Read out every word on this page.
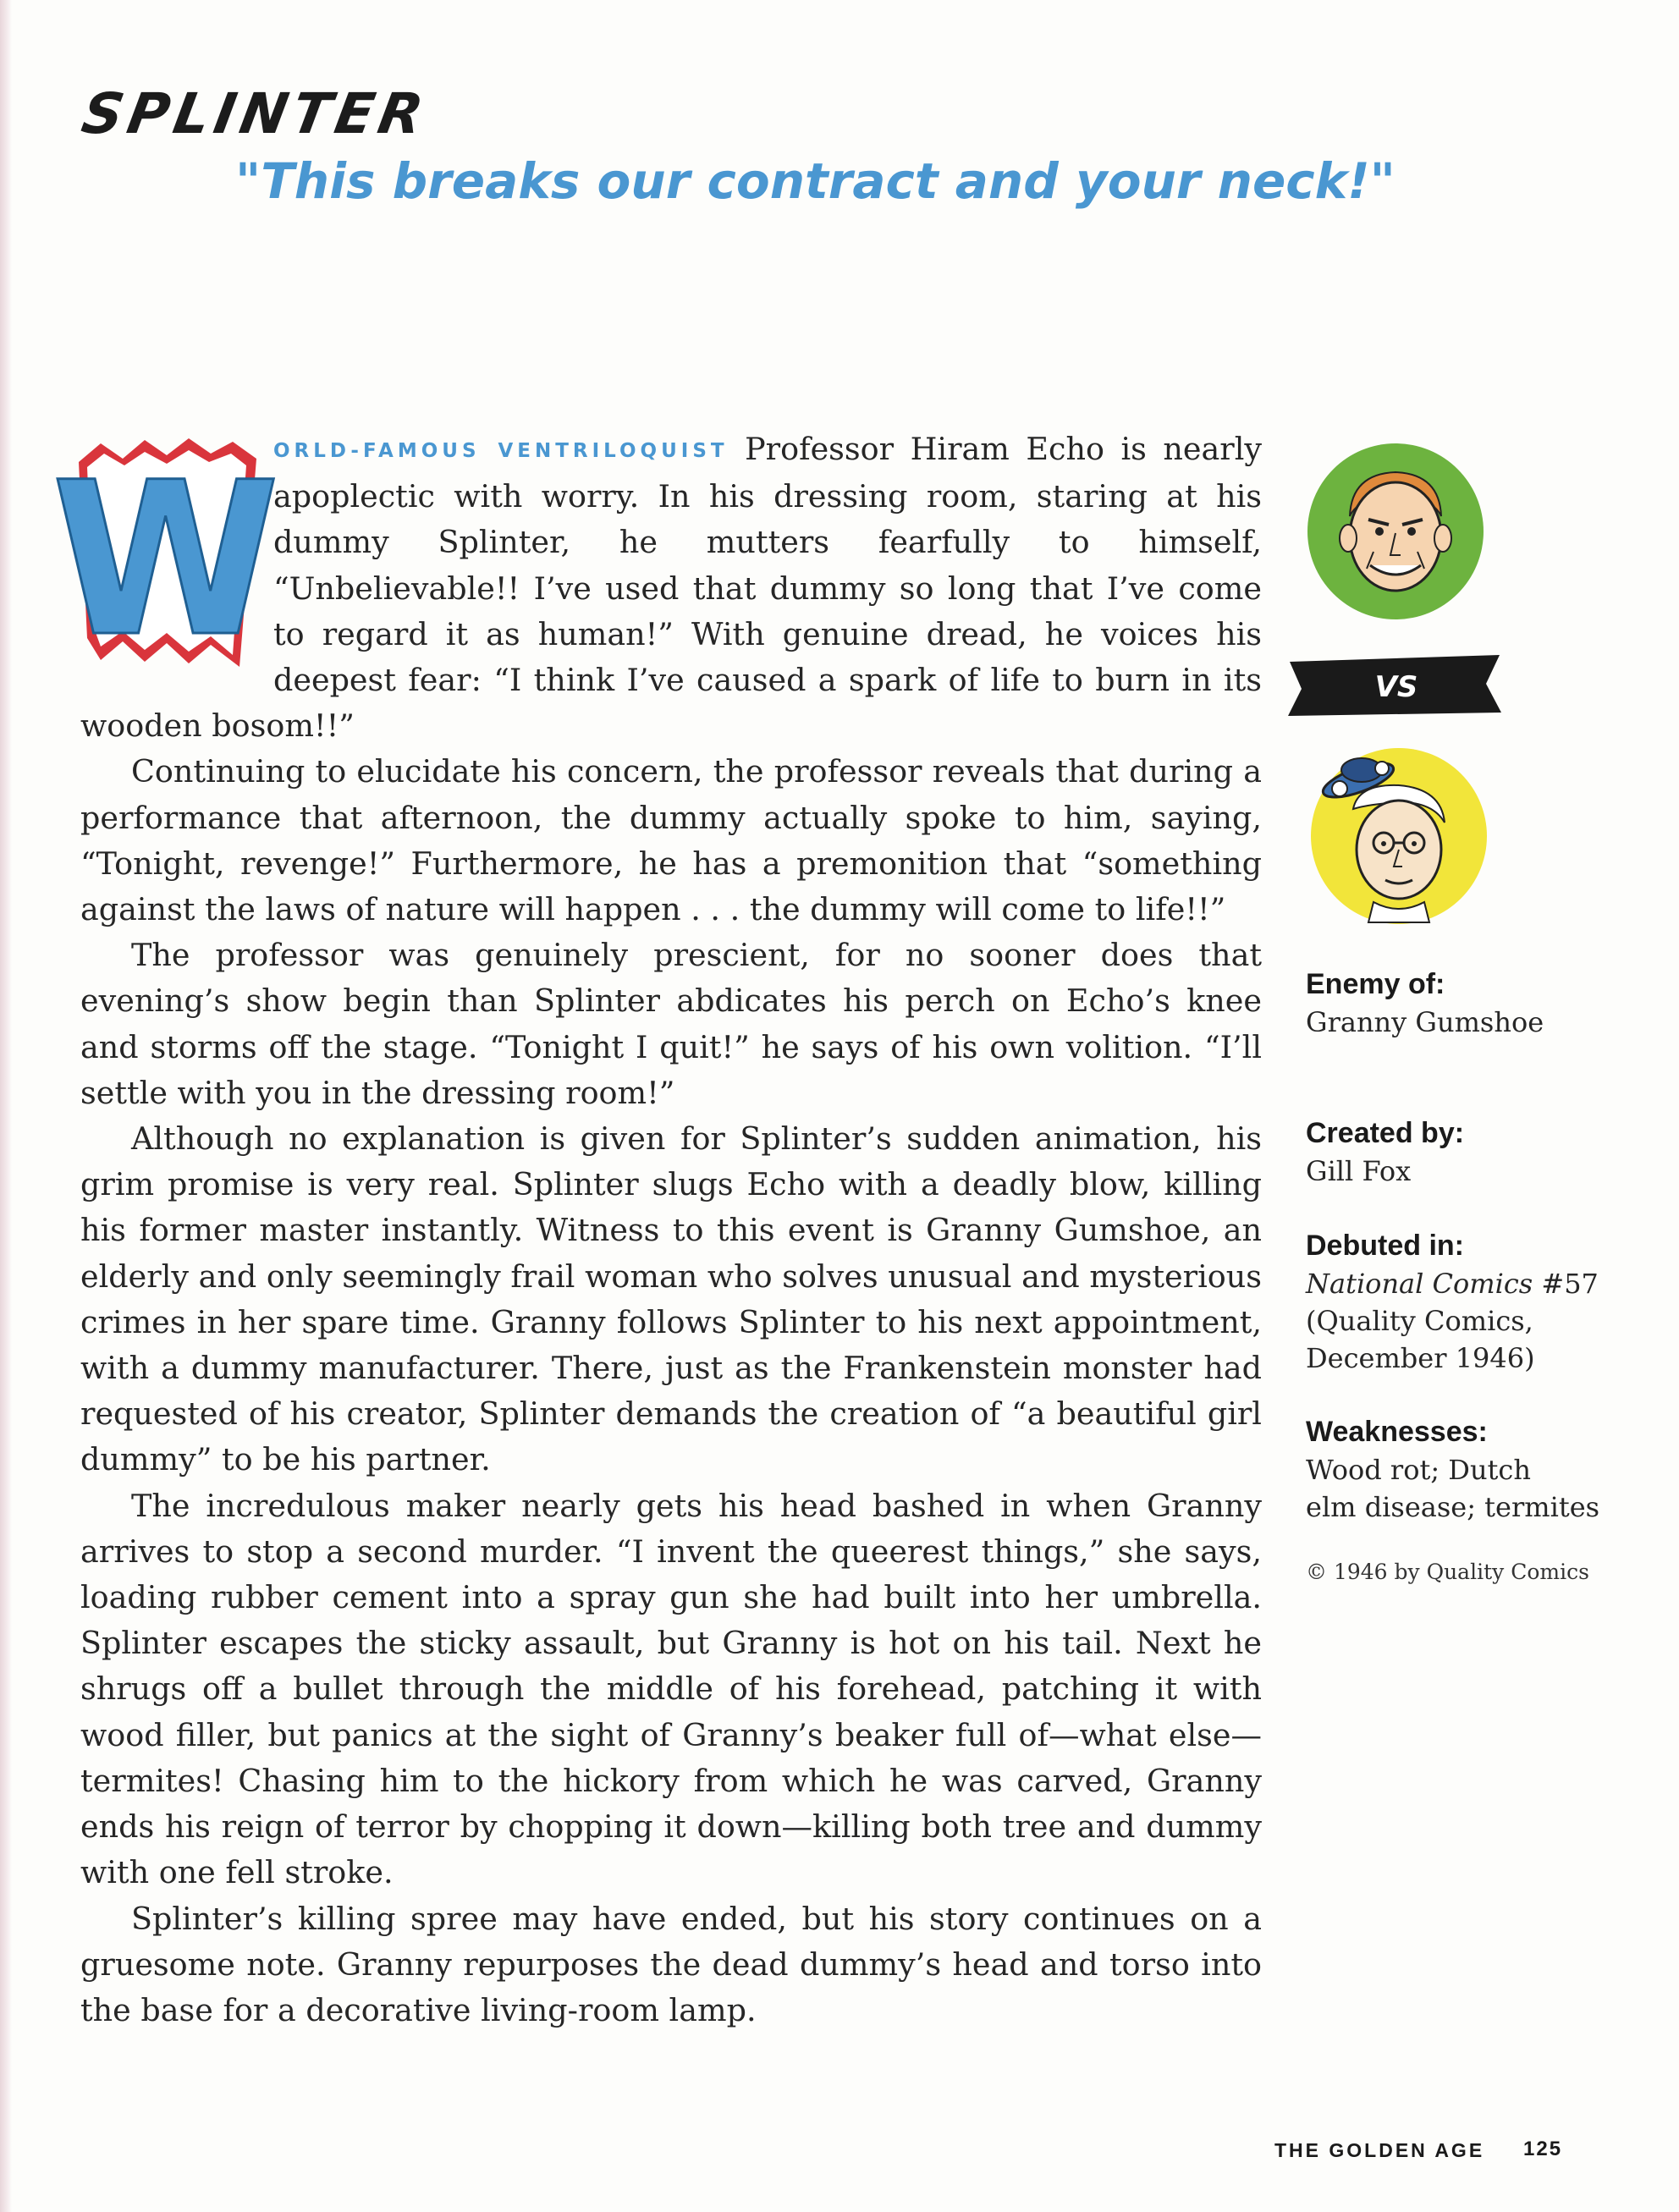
SPLINTER
"This breaks our contract and your neck!"
W

ORLD-FAMOUS VENTRILOQUIST Professor Hiram Echo is nearly apoplectic with worry. In his dressing room, staring at his dummy Splinter, he mutters fearfully to himself, “Unbelievable!! I’ve used that dummy so long that I’ve come to regard it as human!” With genuine dread, he voices his deepest fear: “I think I’ve caused a spark of life to burn in its wooden bosom!!”

Continuing to elucidate his concern, the professor reveals that during a performance that afternoon, the dummy actually spoke to him, saying, “Tonight, revenge!” Furthermore, he has a premonition that “something against the laws of nature will happen . . . the dummy will come to life!!”

The professor was genuinely prescient, for no sooner does that evening’s show begin than Splinter abdicates his perch on Echo’s knee and storms off the stage. “Tonight I quit!” he says of his own volition. “I’ll settle with you in the dressing room!”

Although no explanation is given for Splinter’s sudden animation, his grim promise is very real. Splinter slugs Echo with a deadly blow, killing his former master instantly. Witness to this event is Granny Gumshoe, an elderly and only seemingly frail woman who solves unusual and mysterious crimes in her spare time. Granny follows Splinter to his next appointment, with a dummy manufacturer. There, just as the Frankenstein monster had requested of his creator, Splinter demands the creation of “a beautiful girl dummy” to be his partner.

The incredulous maker nearly gets his head bashed in when Granny arrives to stop a second murder. “I invent the queerest things,” she says, loading rubber cement into a spray gun she had built into her umbrella. Splinter escapes the sticky assault, but Granny is hot on his tail. Next he shrugs off a bullet through the middle of his forehead, patching it with wood filler, but panics at the sight of Granny’s beaker full of—what else—termites! Chasing him to the hickory from which he was carved, Granny ends his reign of terror by chopping it down—killing both tree and dummy with one fell stroke.

Splinter’s killing spree may have ended, but his story continues on a gruesome note. Granny repurposes the dead dummy’s head and torso into the base for a decorative living-room lamp.

VS
Enemy of:
Granny Gumshoe
Created by:
Gill Fox
Debuted in:
National Comics #57
(Quality Comics,
December 1946)
Weaknesses:
Wood rot; Dutch
elm disease; termites
© 1946 by Quality Comics
THE GOLDEN AGE 125
